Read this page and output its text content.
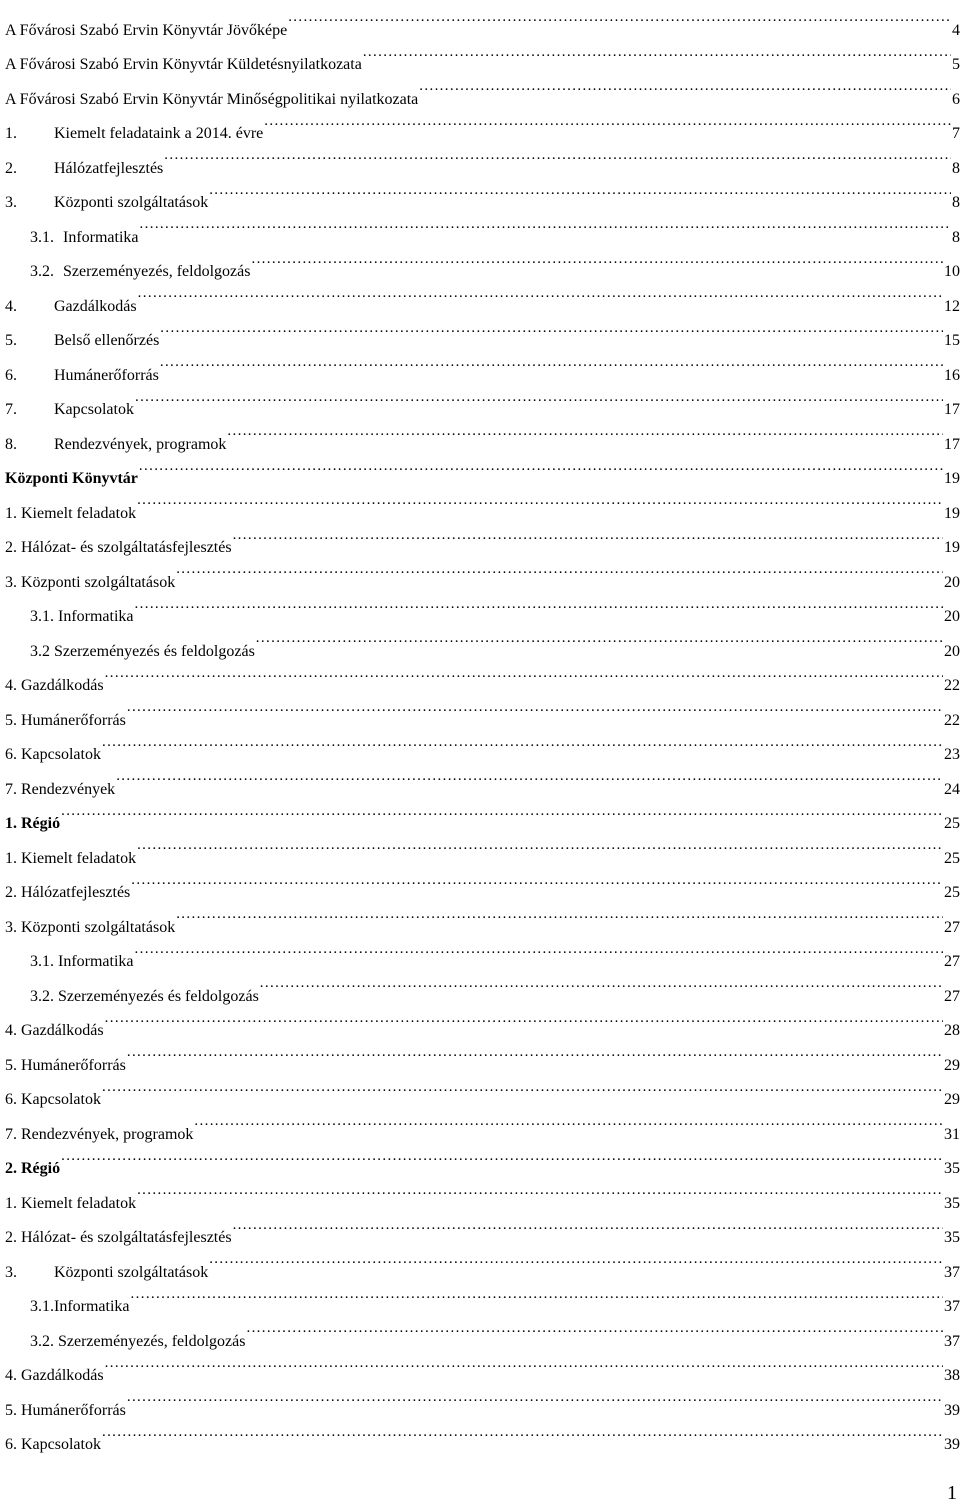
A Fővárosi Szabó Ervin Könyvtár Jövőképe . . .	4
A Fővárosi Szabó Ervin Könyvtár Küldetésnyilatkozata . . .	5
A Fővárosi Szabó Ervin Könyvtár Minőségpolitikai nyilatkozata . . .	6
1. Kiemelt feladataink a 2014. évre . . .	7
2. Hálózatfejlesztés . . .	8
3. Központi szolgáltatások . . .	8
3.1. Informatika . . .	8
3.2. Szerzeményezés, feldolgozás . . .	10
4. Gazdálkodás . . .	12
5. Belső ellenőrzés . . .	15
6. Humánerőforrás . . .	16
7. Kapcsolatok . . .	17
8. Rendezvények, programok . . .	17
Központi Könyvtár . . .	19
1. Kiemelt feladatok . . .	19
2. Hálózat- és szolgáltatásfejlesztés . . .	19
3. Központi szolgáltatások . . .	20
3.1. Informatika . . .	20
3.2 Szerzeményezés és feldolgozás . . .	20
4. Gazdálkodás . . .	22
5. Humánerőforrás . . .	22
6. Kapcsolatok . . .	23
7. Rendezvények . . .	24
1. Régió . . .	25
1. Kiemelt feladatok . . .	25
2. Hálózatfejlesztés . . .	25
3. Központi szolgáltatások . . .	27
3.1. Informatika . . .	27
3.2. Szerzeményezés és feldolgozás . . .	27
4. Gazdálkodás . . .	28
5. Humánerőforrás . . .	29
6. Kapcsolatok . . .	29
7. Rendezvények, programok . . .	31
2. Régió . . .	35
1. Kiemelt feladatok . . .	35
2. Hálózat- és szolgáltatásfejlesztés . . .	35
3. Központi szolgáltatások . . .	37
3.1.Informatika . . .	37
3.2. Szerzeményezés, feldolgozás . . .	37
4. Gazdálkodás . . .	38
5. Humánerőforrás . . .	39
6. Kapcsolatok . . .	39
1
